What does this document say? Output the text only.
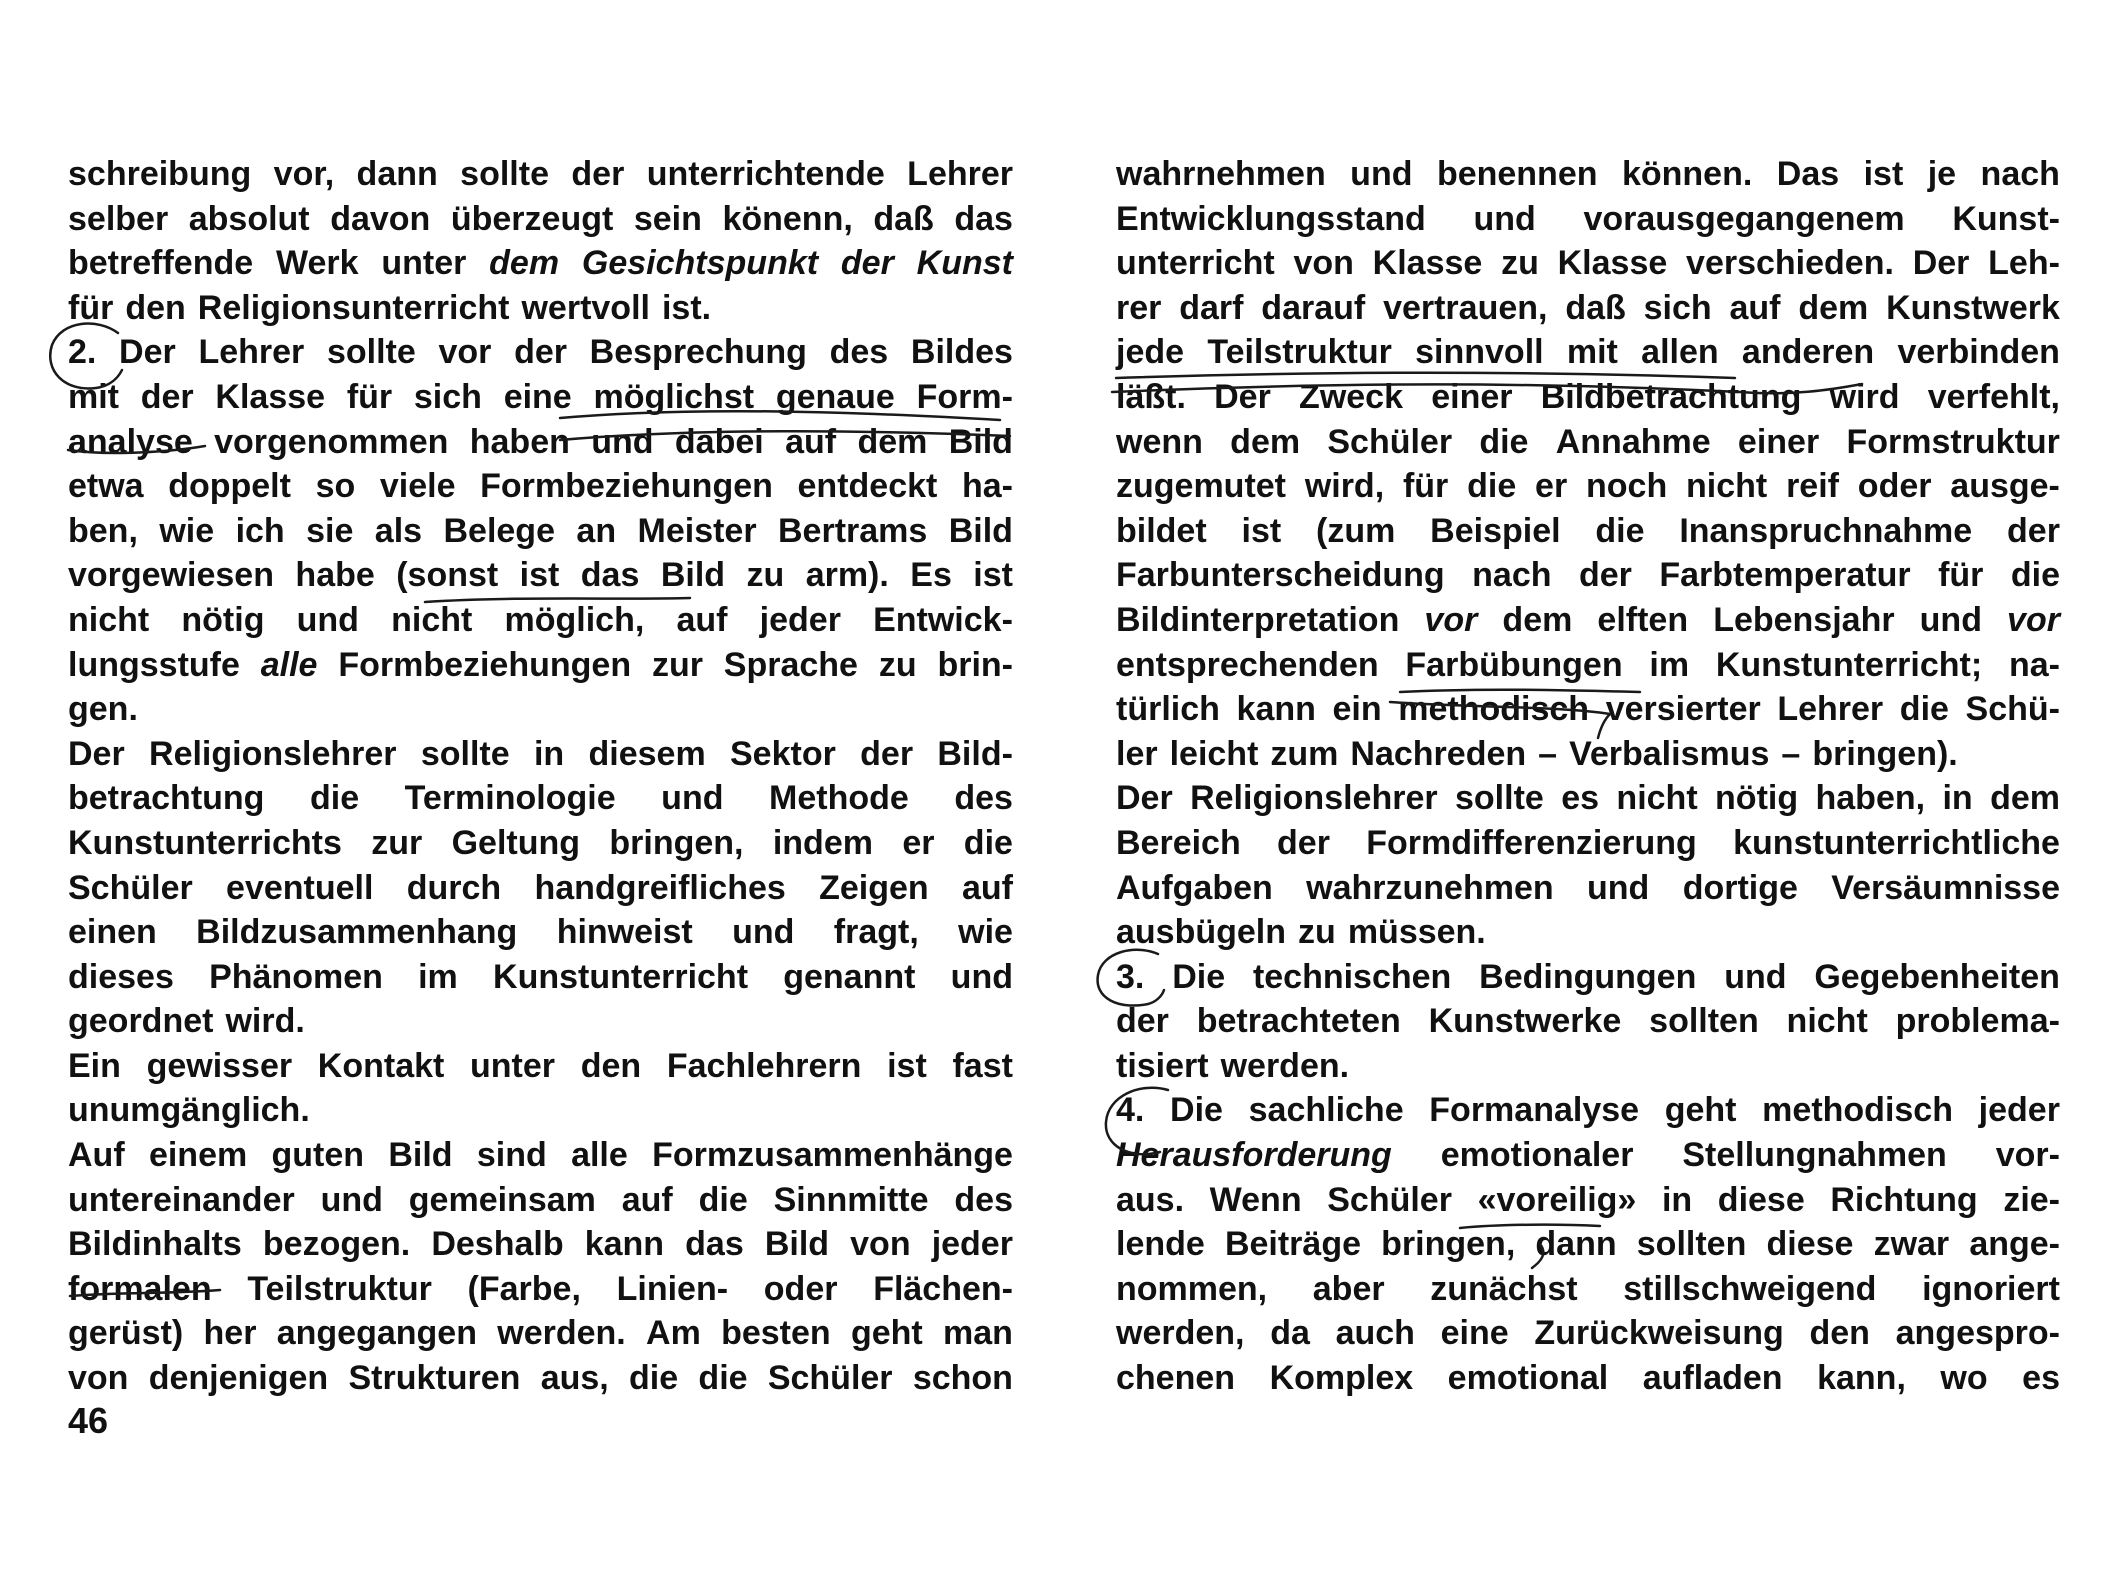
schreibung vor, dann sollte der unterrichtende Lehrer
selber absolut davon überzeugt sein könenn, daß das
betreffende Werk unter dem Gesichtspunkt der Kunst
für den Religionsunterricht wertvoll ist.
2. Der Lehrer sollte vor der Besprechung des Bildes
mit der Klasse für sich eine möglichst genaue Form-
analyse vorgenommen haben und dabei auf dem Bild
etwa doppelt so viele Formbeziehungen entdeckt ha-
ben, wie ich sie als Belege an Meister Bertrams Bild
vorgewiesen habe (sonst ist das Bild zu arm). Es ist
nicht nötig und nicht möglich, auf jeder Entwick-
lungsstufe alle Formbeziehungen zur Sprache zu brin-
gen.
Der Religionslehrer sollte in diesem Sektor der Bild-
betrachtung die Terminologie und Methode des
Kunstunterrichts zur Geltung bringen, indem er die
Schüler eventuell durch handgreifliches Zeigen auf
einen Bildzusammenhang hinweist und fragt, wie
dieses Phänomen im Kunstunterricht genannt und
geordnet wird.
Ein gewisser Kontakt unter den Fachlehrern ist fast
unumgänglich.
Auf einem guten Bild sind alle Formzusammenhänge
untereinander und gemeinsam auf die Sinnmitte des
Bildinhalts bezogen. Deshalb kann das Bild von jeder
formalen Teilstruktur (Farbe, Linien- oder Flächen-
gerüst) her angegangen werden. Am besten geht man
von denjenigen Strukturen aus, die die Schüler schon
wahrnehmen und benennen können. Das ist je nach
Entwicklungsstand und vorausgegangenem Kunst-
unterricht von Klasse zu Klasse verschieden. Der Leh-
rer darf darauf vertrauen, daß sich auf dem Kunstwerk
jede Teilstruktur sinnvoll mit allen anderen verbinden
läßt. Der Zweck einer Bildbetrachtung wird verfehlt,
wenn dem Schüler die Annahme einer Formstruktur
zugemutet wird, für die er noch nicht reif oder ausge-
bildet ist (zum Beispiel die Inanspruchnahme der
Farbunterscheidung nach der Farbtemperatur für die
Bildinterpretation vor dem elften Lebensjahr und vor
entsprechenden Farbübungen im Kunstunterricht; na-
türlich kann ein methodisch versierter Lehrer die Schü-
ler leicht zum Nachreden – Verbalismus – bringen).
Der Religionslehrer sollte es nicht nötig haben, in dem
Bereich der Formdifferenzierung kunstunterrichtliche
Aufgaben wahrzunehmen und dortige Versäumnisse
ausbügeln zu müssen.
3. Die technischen Bedingungen und Gegebenheiten
der betrachteten Kunstwerke sollten nicht problema-
tisiert werden.
4. Die sachliche Formanalyse geht methodisch jeder
Herausforderung emotionaler Stellungnahmen vor-
aus. Wenn Schüler «voreilig» in diese Richtung zie-
lende Beiträge bringen, dann sollten diese zwar ange-
nommen, aber zunächst stillschweigend ignoriert
werden, da auch eine Zurückweisung den angespro-
chenen Komplex emotional aufladen kann, wo es
46
